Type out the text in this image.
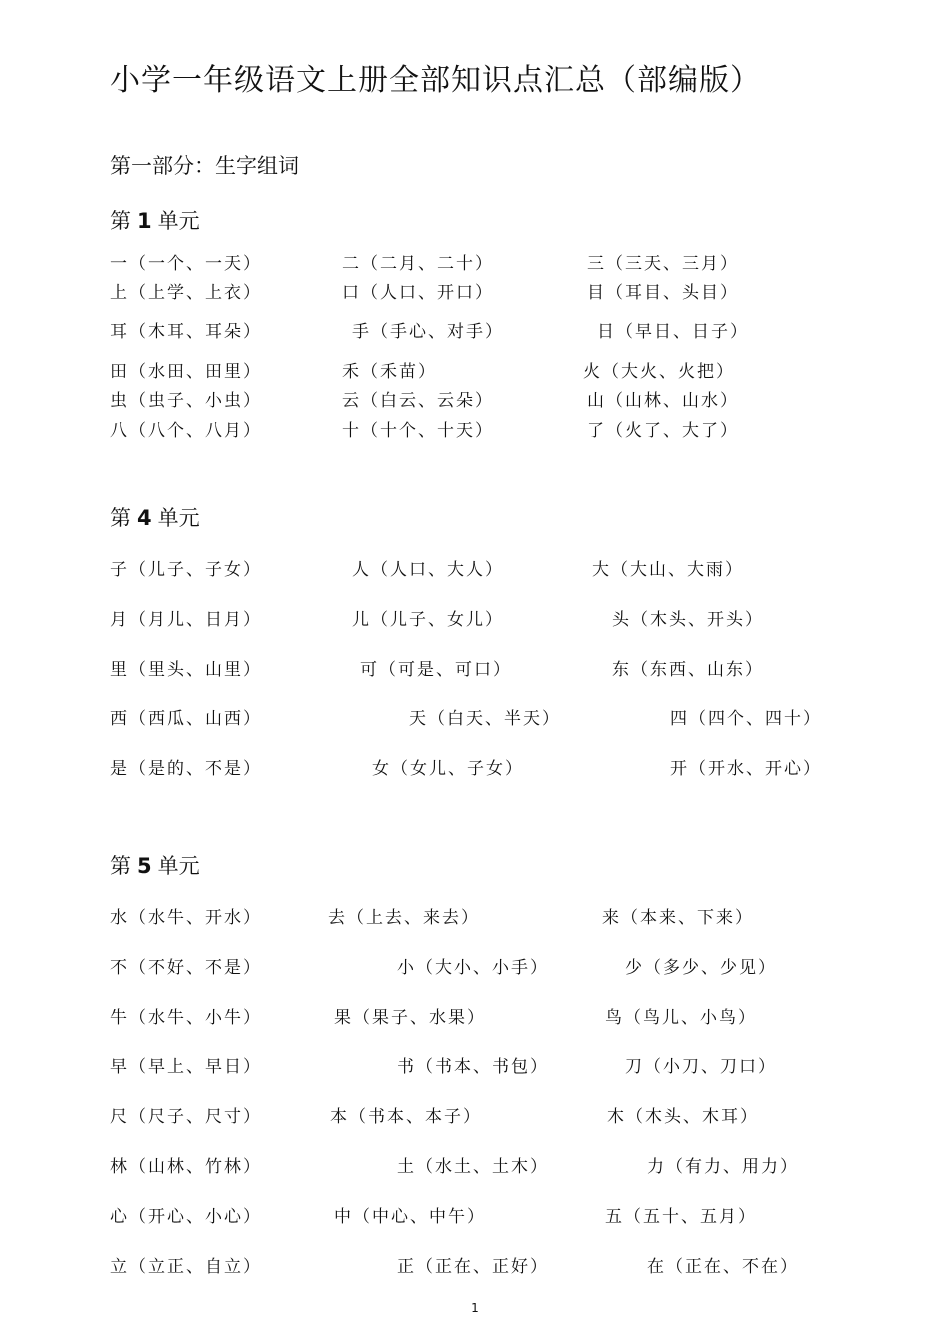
小学一年级语文上册全部知识点汇总（部编版）
第一部分：生字组词
第 1 单元
第 4 单元
第 5 单元
一（一个、一天）	二（二月、二十）	三（三天、三月）
上（上学、上衣）	口（人口、开口）	目（耳目、头目）
耳（木耳、耳朵）	手（手心、对手）	日（早日、日子）
田（水田、田里）	禾（禾苗）	火（大火、火把）
虫（虫子、小虫）	云（白云、云朵）	山（山林、山水）
八（八个、八月）	十（十个、十天）	了（火了、大了）
子（儿子、子女）	人（人口、大人）	大（大山、大雨）
月（月儿、日月）	儿（儿子、女儿）	头（木头、开头）
里（里头、山里）	可（可是、可口）	东（东西、山东）
西（西瓜、山西）	天（白天、半天）	四（四个、四十）
是（是的、不是）	女（女儿、子女）	开（开水、开心）
水（水牛、开水）	去（上去、来去）	来（本来、下来）
不（不好、不是）	小（大小、小手）	少（多少、少见）
牛（水牛、小牛）	果（果子、水果）	鸟（鸟儿、小鸟）
早（早上、早日）	书（书本、书包）	刀（小刀、刀口）
尺（尺子、尺寸）	本（书本、本子）	木（木头、木耳）
林（山林、竹林）	土（水土、土木）	力（有力、用力）
心（开心、小心）	中（中心、中午）	五（五十、五月）
立（立正、自立）	正（正在、正好）	在（正在、不在）
1
